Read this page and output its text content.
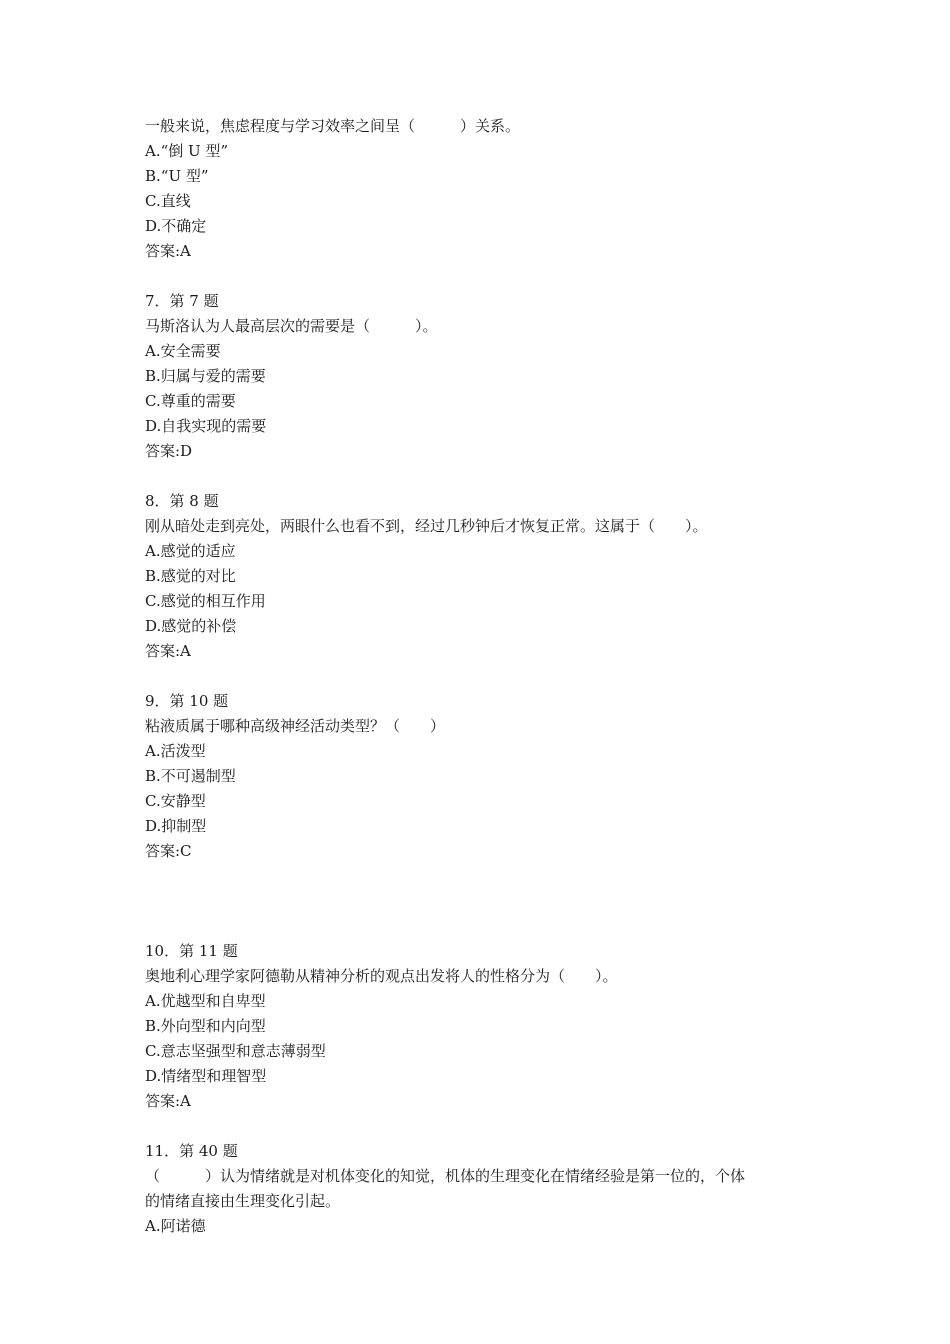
一般来说，焦虑程度与学习效率之间呈（　　　）关系。
A.“倒 U 型”
B.“U 型”
C.直线
D.不确定
答案:A
7．第 7 题
马斯洛认为人最高层次的需要是（　　　）。
A.安全需要
B.归属与爱的需要
C.尊重的需要
D.自我实现的需要
答案:D
8．第 8 题
刚从暗处走到亮处，两眼什么也看不到，经过几秒钟后才恢复正常。这属于（　　）。
A.感觉的适应
B.感觉的对比
C.感觉的相互作用
D.感觉的补偿
答案:A
9．第 10 题
粘液质属于哪种高级神经活动类型？（　　）
A.活泼型
B.不可遏制型
C.安静型
D.抑制型
答案:C
10．第 11 题
奥地利心理学家阿德勒从精神分析的观点出发将人的性格分为（　　）。
A.优越型和自卑型
B.外向型和内向型
C.意志坚强型和意志薄弱型
D.情绪型和理智型
答案:A
11．第 40 题
（　　　）认为情绪就是对机体变化的知觉，机体的生理变化在情绪经验是第一位的，个体
的情绪直接由生理变化引起。
A.阿诺德
